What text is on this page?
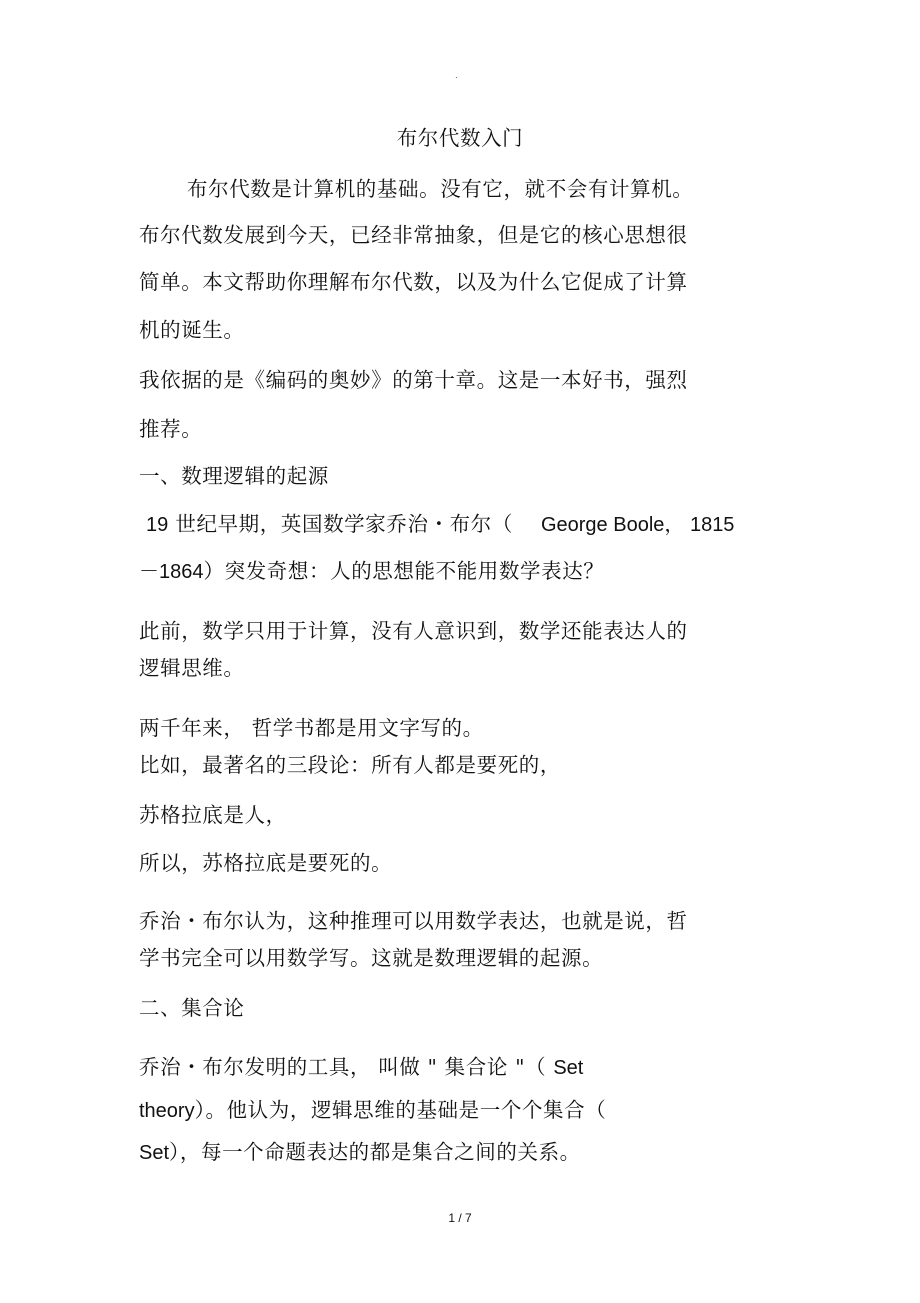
.
布尔代数入门
布尔代数是计算机的基础。没有它，就不会有计算机。
布尔代数发展到今天，已经非常抽象，但是它的核心思想很
简单。本文帮助你理解布尔代数，以及为什么它促成了计算
机的诞生。
我依据的是《编码的奥妙》的第十章。这是一本好书，强烈
推荐。
一、数理逻辑的起源
19 世纪早期，英国数学家乔治・布尔（ George Boole， 1815
－1864）突发奇想：人的思想能不能用数学表达？
此前，数学只用于计算，没有人意识到，数学还能表达人的
逻辑思维。
两千年来， 哲学书都是用文字写的。
比如，最著名的三段论：所有人都是要死的，
苏格拉底是人，
所以，苏格拉底是要死的。
乔治・布尔认为，这种推理可以用数学表达，也就是说，哲
学书完全可以用数学写。这就是数理逻辑的起源。
二、集合论
乔治・布尔发明的工具， 叫做 " 集合论 "（ Set
theory）。他认为，逻辑思维的基础是一个个集合（
Set），每一个命题表达的都是集合之间的关系。
1 / 7
